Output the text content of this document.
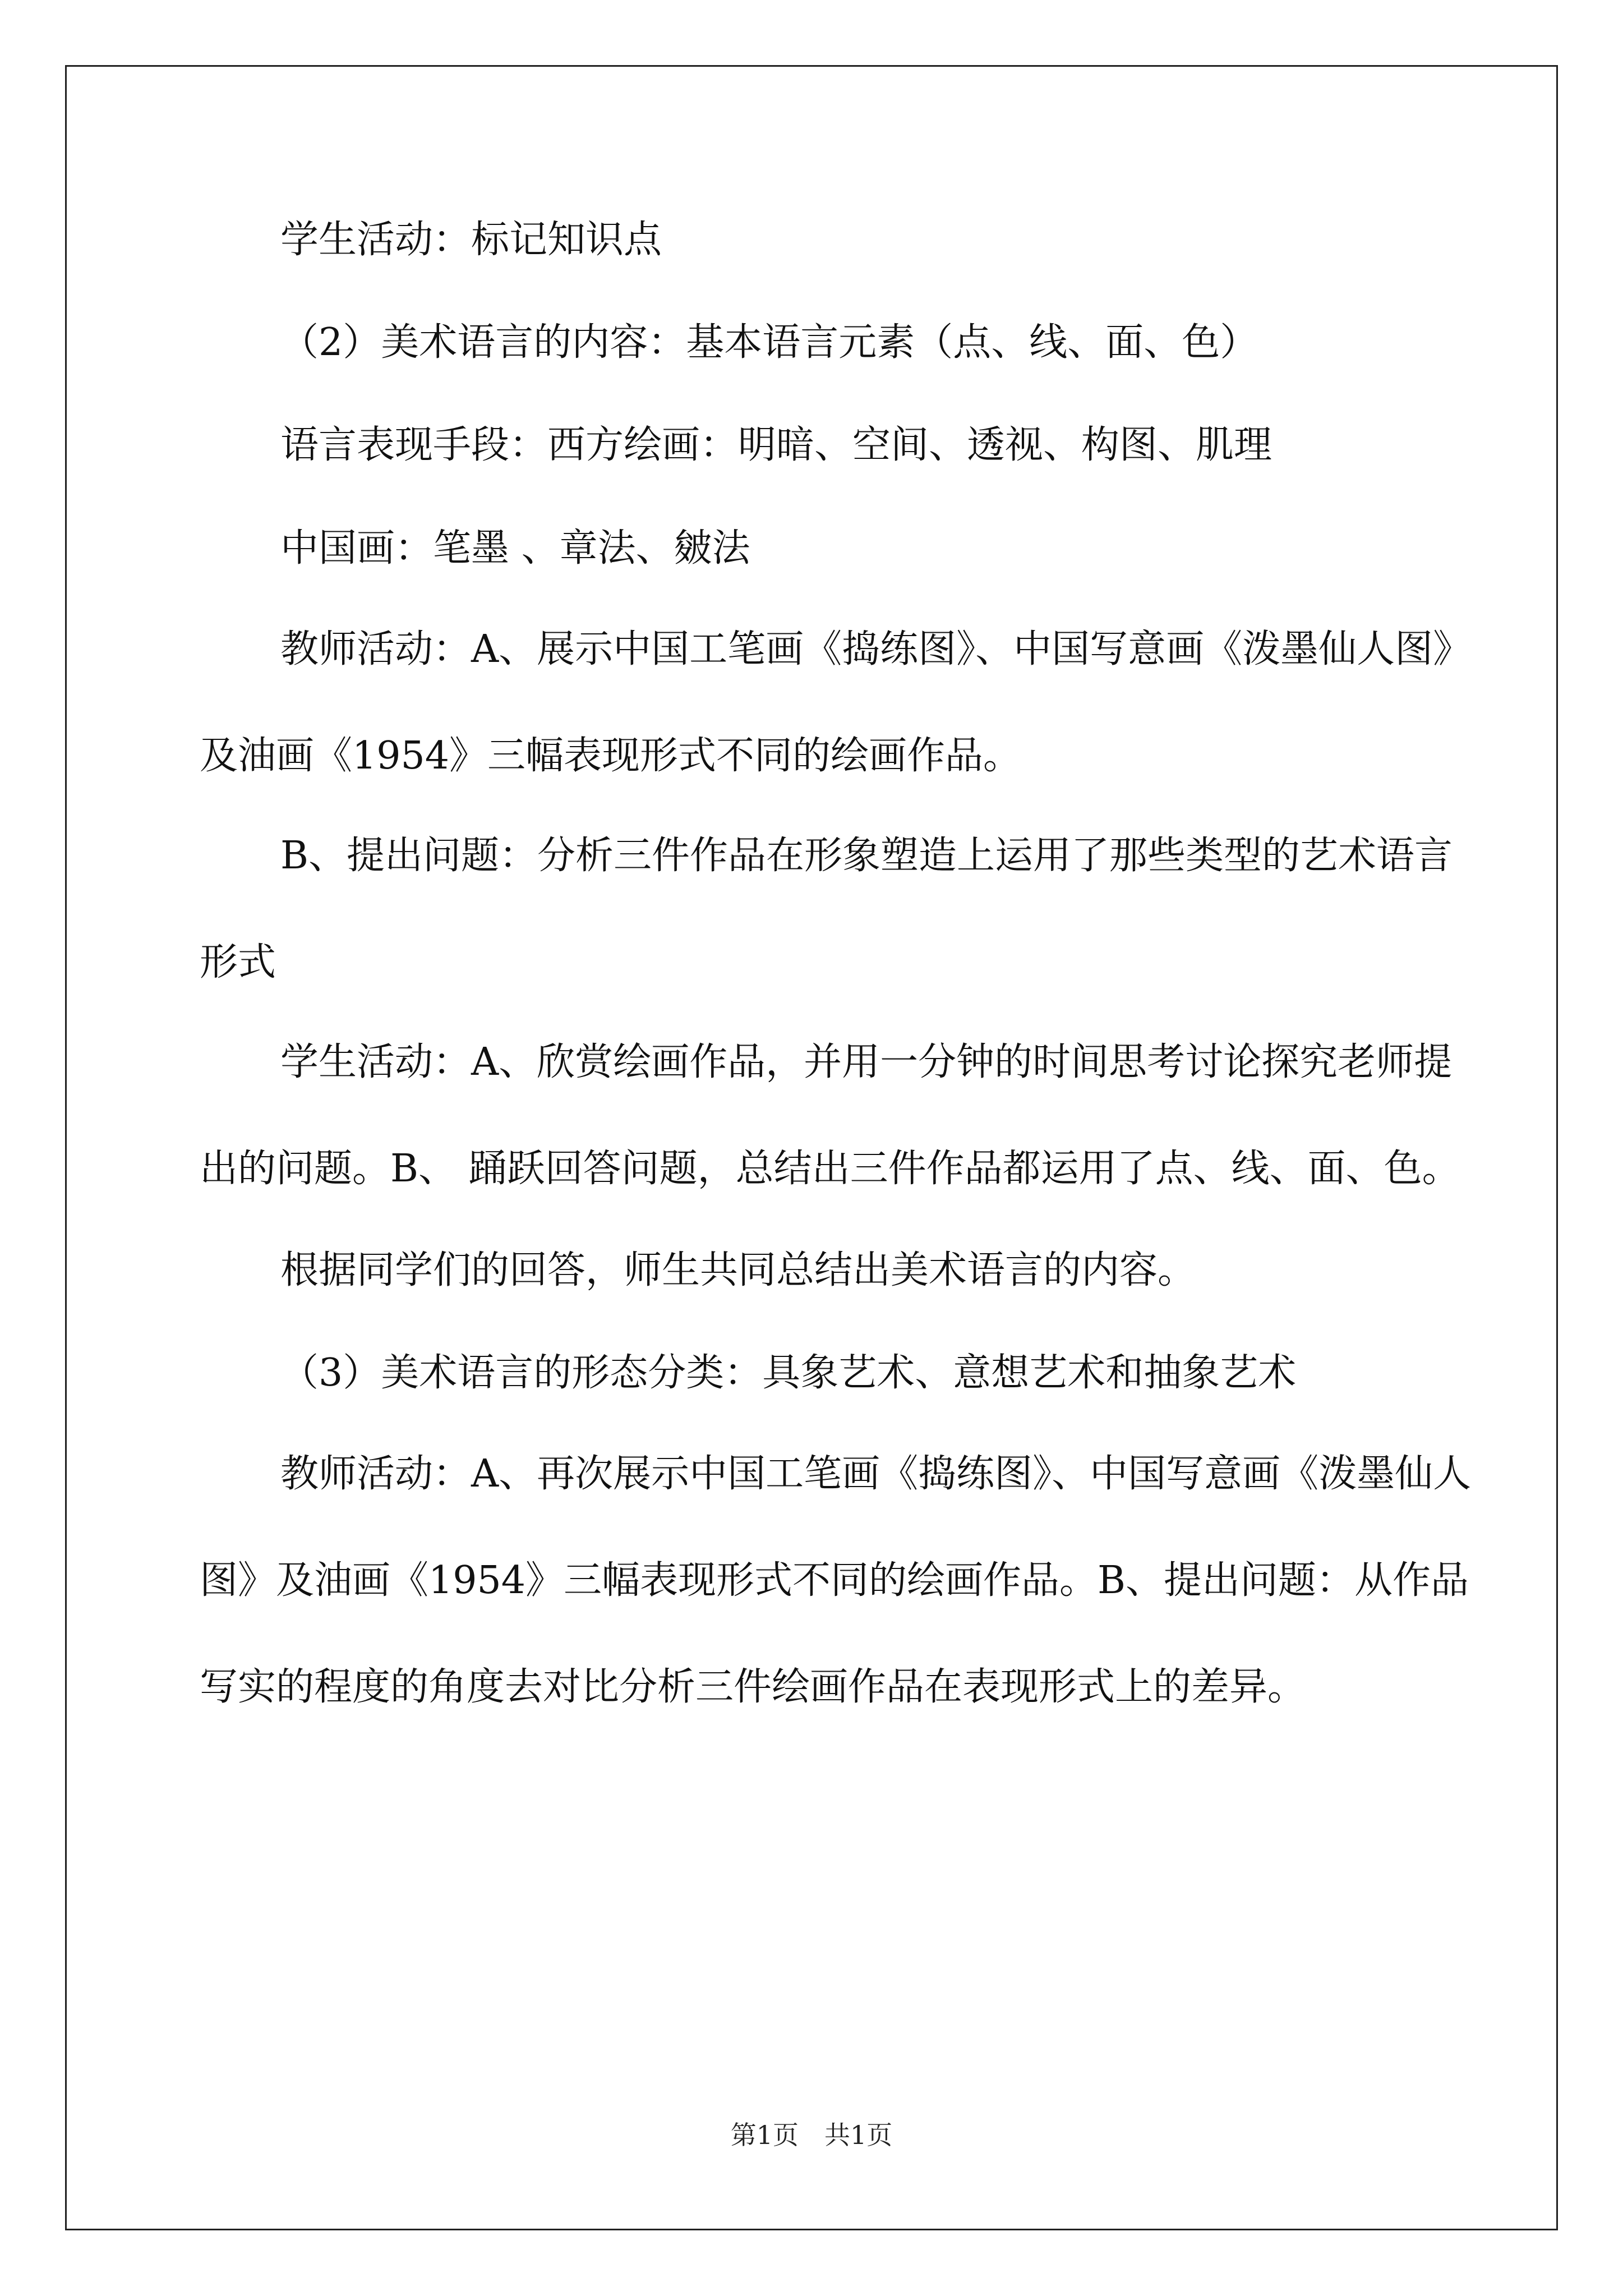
学生活动：标记知识点

（2）美术语言的内容：基本语言元素（点、线、面、色）

语言表现手段：西方绘画：明暗、空间、透视、构图、肌理

中国画：笔墨 、章法、皴法

教师活动：A、展示中国工笔画《捣练图》、中国写意画《泼墨仙人图》及油画《1954》三幅表现形式不同的绘画作品。

B、提出问题：分析三件作品在形象塑造上运用了那些类型的艺术语言形式

学生活动：A、欣赏绘画作品，并用一分钟的时间思考讨论探究老师提出的问题。B、 踊跃回答问题，总结出三件作品都运用了点、线、面、色。

根据同学们的回答，师生共同总结出美术语言的内容。

（3）美术语言的形态分类：具象艺术、意想艺术和抽象艺术

教师活动：A、再次展示中国工笔画《捣练图》、中国写意画《泼墨仙人图》及油画《1954》三幅表现形式不同的绘画作品。B、提出问题：从作品写实的程度的角度去对比分析三件绘画作品在表现形式上的差异。

第1页　共1页
